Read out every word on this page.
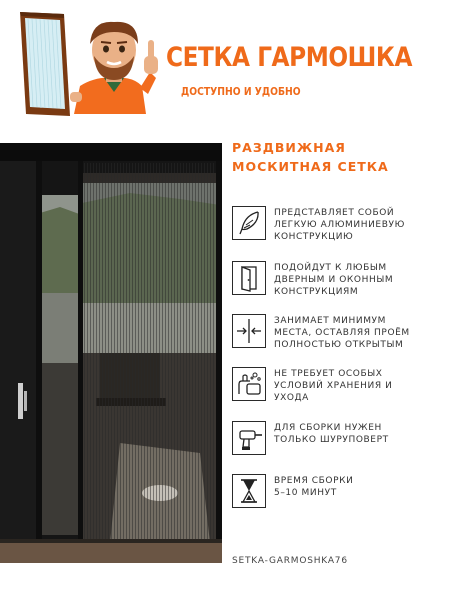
СЕТКА ГАРМОШКА
ДОСТУПНО И УДОБНО
РАЗДВИЖНАЯ
МОСКИТНАЯ СЕТКА
ПРЕДСТАВЛЯЕТ СОБОЙ
ЛЕГКУЮ АЛЮМИНИЕВУЮ
КОНСТРУКЦИЮ
ПОДОЙДУТ К ЛЮБЫМ
ДВЕРНЫМ И ОКОННЫМ
КОНСТРУКЦИЯМ
ЗАНИМАЕТ МИНИМУМ
МЕСТА, ОСТАВЛЯЯ ПРОЁМ
ПОЛНОСТЬЮ ОТКРЫТЫМ
НЕ ТРЕБУЕТ ОСОБЫХ
УСЛОВИЙ ХРАНЕНИЯ И
УХОДА
ДЛЯ СБОРКИ НУЖЕН
ТОЛЬКО ШУРУПОВЕРТ
ВРЕМЯ СБОРКИ
5–10 МИНУТ
SETKA-GARMOSHKA76
